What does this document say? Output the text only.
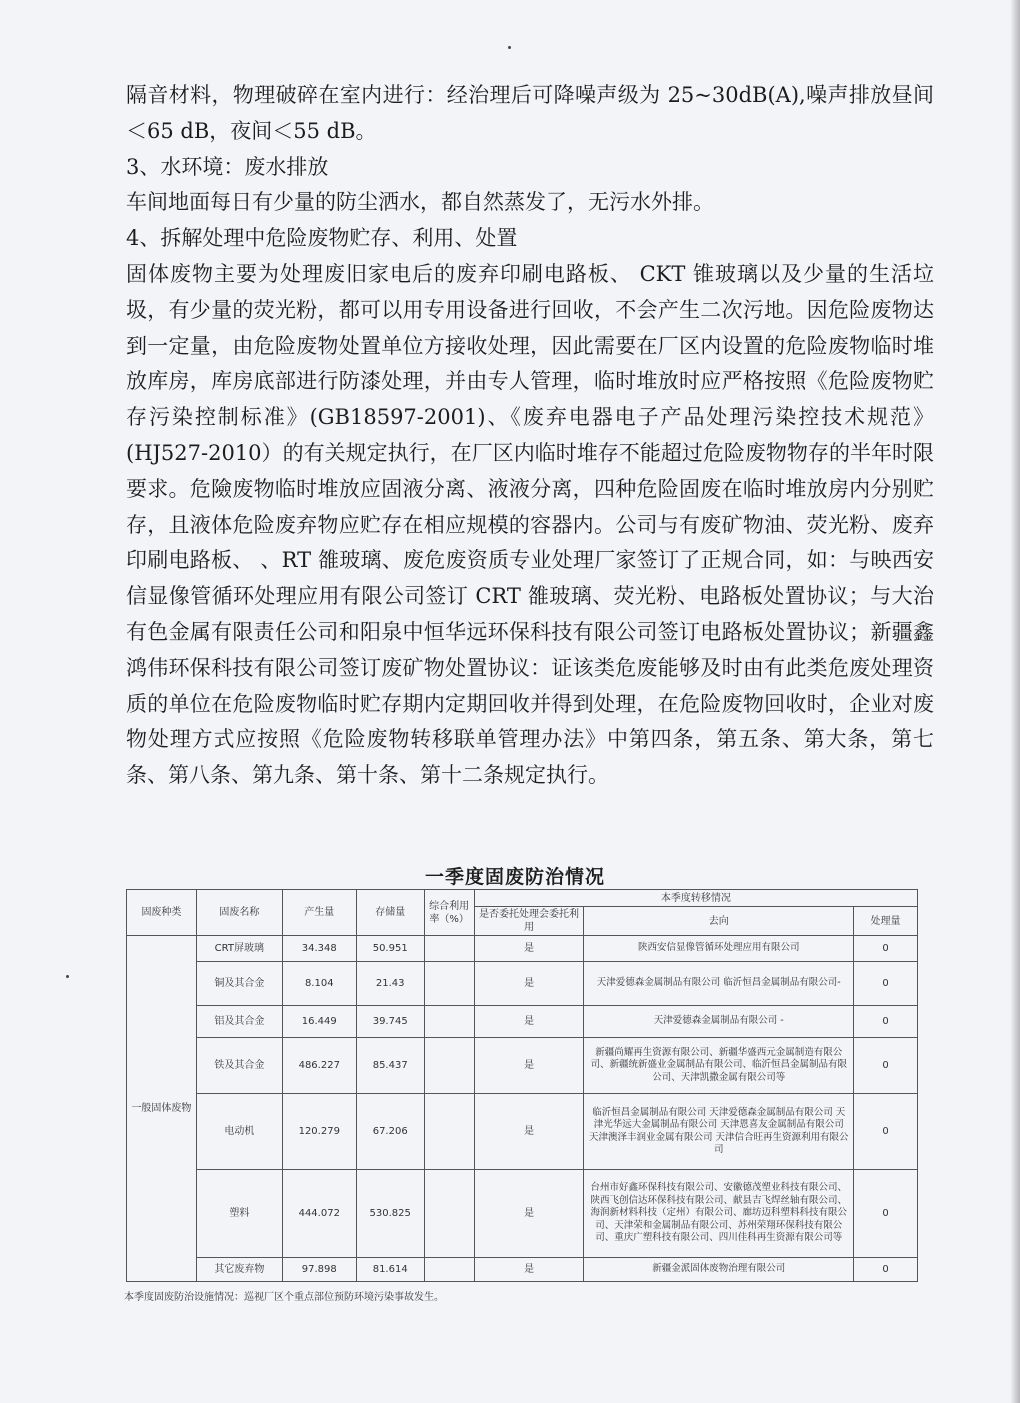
隔音材料，物理破碎在室内进行：经治理后可降噪声级为 25~30dB(A),噪声排放昼间＜65 dB，夜间＜55 dB。

3、水环境：废水排放

车间地面每日有少量的防尘洒水，都自然蒸发了，无污水外排。

4、拆解处理中危险废物贮存、利用、处置

固体废物主要为处理废旧家电后的废弃印刷电路板、 CKT 锥玻璃以及少量的生活垃圾，有少量的荧光粉，都可以用专用设备进行回收，不会产生二次污地。因危险废物达到一定量，由危险废物处置单位方接收处理，因此需要在厂区内设置的危险废物临时堆放库房，库房底部进行防漆处理，并由专人管理，临时堆放时应严格按照《危险废物贮存污染控制标准》(GB18597-2001)、《废弃电器电子产品处理污染控技术规范》(HJ527-2010）的有关规定执行，在厂区内临时堆存不能超过危险废物物存的半年时限要求。危險废物临时堆放应固液分离、液液分离，四种危险固废在临时堆放房内分别贮存，且液体危险废弃物应贮存在相应规模的容器内。公司与有废矿物油、荧光粉、废弃印刷电路板、 、RT 雒玻璃、废危废资质专业处理厂家签订了正规合同，如：与映西安信显像管循环处理应用有限公司签订 CRT 雒玻璃、荧光粉、电路板处置协议；与大治有色金属有限责任公司和阳泉中恒华远环保科技有限公司签订电路板处置协议；新疆鑫鸿伟环保科技有限公司签订废矿物处置协议：证该类危废能够及时由有此类危废处理资质的单位在危险废物临时贮存期内定期回收并得到处理，在危险废物回收时，企业对废物处理方式应按照《危险废物转移联单管理办法》中第四条，第五条、第大条，第七条、第八条、第九条、第十条、第十二条规定执行。

一季度固废防治情况
固废种类	固废名称	产生量	存储量	综合利用率（%）	本季度转移情况		
					是否委托处理会委托利用	去向	处理量
一般固体废物	CRT屏玻璃	34.348	50.951		是	陕西安信显像管循环处理应用有限公司	0
	铜及其合金	8.104	21.43		是	天津爱德森金属制品有限公司 临沂恒昌金属制品有限公司-	0
	铝及其合金	16.449	39.745		是	天津爱德森金属制品有限公司 -	0
	铁及其合金	486.227	85.437		是	新疆尚耀再生资源有限公司、新疆华盛西元金属制造有限公司、新疆统新盛业金属制品有限公司、临沂恒昌金属制品有限公司、天津凯撒金属有限公司等	0
	电动机	120.279	67.206		是	临沂恒昌金属制品有限公司 天津爱德森金属制品有限公司 天津光华远大金属制品有限公司 天津恩喜友金属制品有限公司 天津澳泽丰润业金属有限公司 天津信合旺再生资源利用有限公司	0
	塑料	444.072	530.825		是	台州市好鑫环保科技有限公司、安徽德茂塑业科技有限公司、陕西飞创信达环保科技有限公司、献县吉飞焊丝轴有限公司、海润新材料科技（定州）有限公司、廊坊迈科塑料科技有限公司、天津荣和金属制品有限公司、苏州荣翔环保科技有限公司、重庆广塑科技有限公司、四川佳科再生资源有限公司等	0
	其它废弃物	97.898	81.614		是	新疆金派固体废物治理有限公司	0
本季度固废防治设施情况：巡视厂区个重点部位预防环境污染事故发生。
